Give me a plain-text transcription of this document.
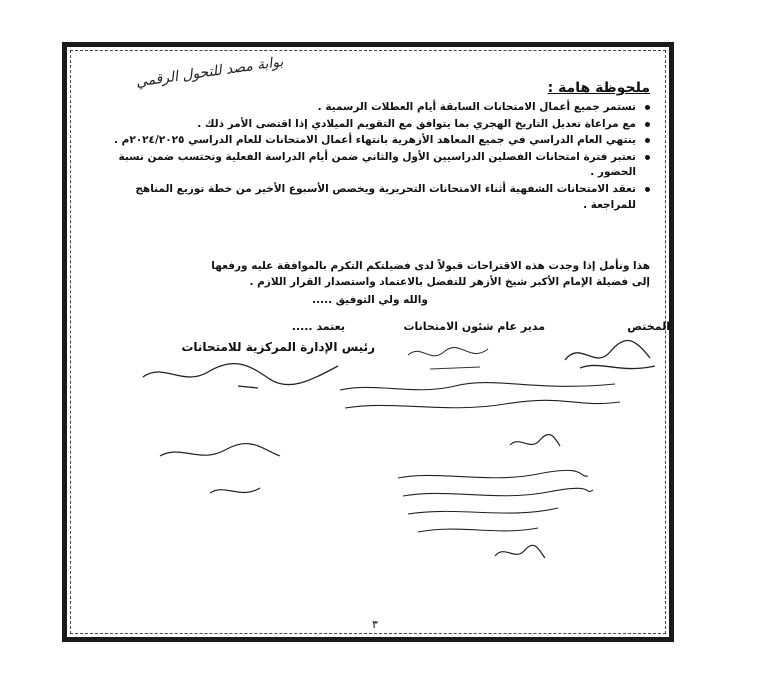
بوابة مصد للتحول الرقمي	ملحوظة هامة :
تستمر جميع أعمال الامتحانات السابقة أيام العطلات الرسمية .
مع مراعاة تعديل التاريخ الهجري بما يتوافق مع التقويم الميلادي إذا اقتضى الأمر ذلك .
ينتهي العام الدراسي في جميع المعاهد الأزهرية بانتهاء أعمال الامتحانات للعام الدراسي ٢٠٢٤/٢٠٢٥م .
تعتبر فترة امتحانات الفصلين الدراسيين الأول والثاني ضمن أيام الدراسة الفعلية وتحتسب ضمن نسبة الحضور .
تعقد الامتحانات الشفهية أثناء الامتحانات التحريرية ويخصص الأسبوع الأخير من خطة توزيع المناهج للمراجعة .
هذا ونأمل إذا وجدت هذه الاقتراحات قبولاً لدى فضيلتكم التكرم بالموافقة عليه ورفعها
إلى فضيلة الإمام الأكبر شيخ الأزهر للتفضل بالاعتماد واستصدار القرار اللازم .
والله ولي التوفيق .....
المختص
مدير عام شئون الامتحانات
يعتمد .....
رئيس الإدارة المركزية للامتحانات
٣
